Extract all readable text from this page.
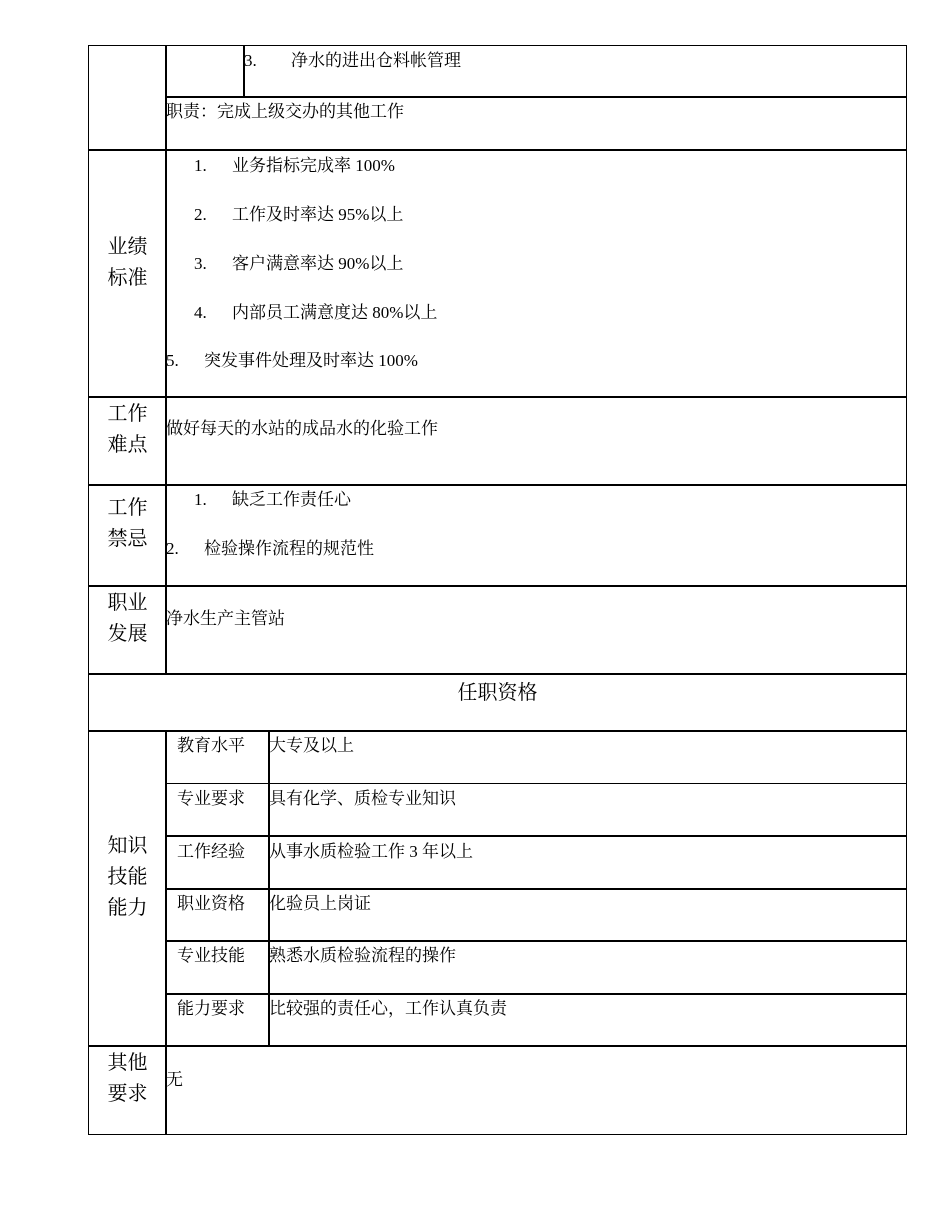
3. 净水的进出仓料帐管理
职责：完成上级交办的其他工作
业绩
标准
1. 业务指标完成率 100%
2. 工作及时率达 95%以上
3. 客户满意率达 90%以上
4. 内部员工满意度达 80%以上
5. 突发事件处理及时率达 100%
工作
难点
做好每天的水站的成品水的化验工作
工作
禁忌
1. 缺乏工作责任心
2. 检验操作流程的规范性
职业
发展
净水生产主管站
任职资格
知识
技能
能力
教育水平 大专及以上
专业要求 具有化学、质检专业知识
工作经验 从事水质检验工作 3 年以上
职业资格 化验员上岗证
专业技能 熟悉水质检验流程的操作
能力要求 比较强的责任心，工作认真负责
其他
要求
无
